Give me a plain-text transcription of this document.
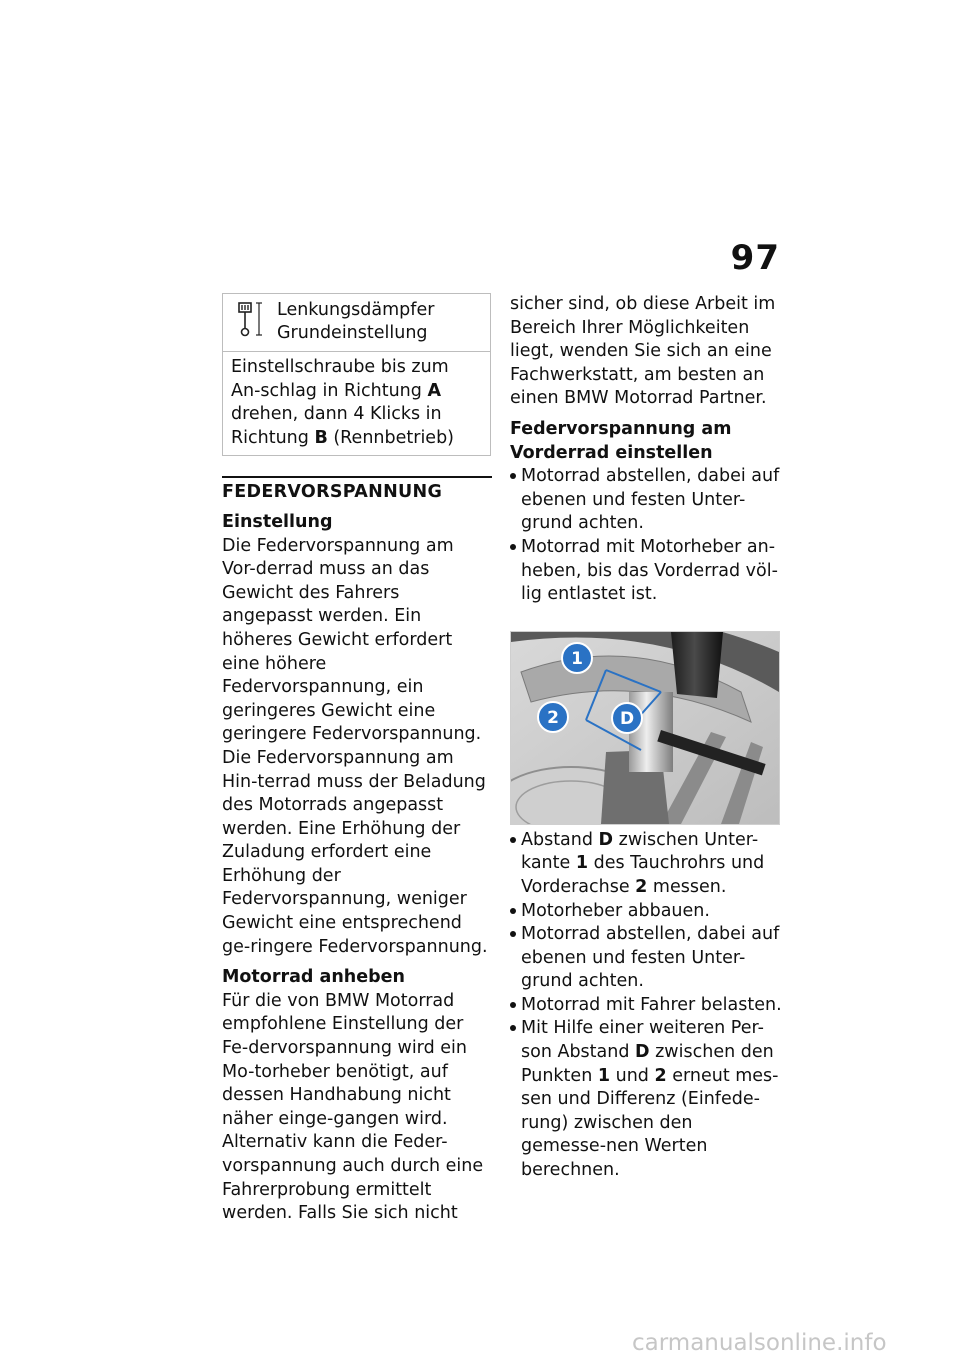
97
Lenkungsdämpfer
Grundeinstellung
Einstellschraube bis zum An-schlag in Richtung A drehen, dann 4 Klicks in Richtung B (Rennbetrieb)
FEDERVORSPANNUNG
Einstellung

Die Federvorspannung am Vor-derrad muss an das Gewicht des Fahrers angepasst werden. Ein höheres Gewicht erfordert eine höhere Federvorspannung, ein geringeres Gewicht eine geringere Federvorspannung.

Die Federvorspannung am Hin-terrad muss der Beladung des Motorrads angepasst werden. Eine Erhöhung der Zuladung erfordert eine Erhöhung der Federvorspannung, weniger Gewicht eine entsprechend ge-ringere Federvorspannung.

Motorrad anheben

Für die von BMW Motorrad empfohlene Einstellung der Fe-dervorspannung wird ein Mo-torheber benötigt, auf dessen Handhabung nicht näher einge-gangen wird.

Alternativ kann die Feder-vorspannung auch durch eine Fahrerprobung ermittelt werden. Falls Sie sich nicht

sicher sind, ob diese Arbeit im Bereich Ihrer Möglichkeiten liegt, wenden Sie sich an eine Fachwerkstatt, am besten an einen BMW Motorrad Partner.

Federvorspannung am
Vorderrad einstellen
Motorrad abstellen, dabei auf ebenen und festen Unter-grund achten.
Motorrad mit Motorheber an-heben, bis das Vorderrad völ-lig entlastet ist.
1
2	D
Abstand D zwischen Unter-kante 1 des Tauchrohrs und Vorderachse 2 messen.
Motorheber abbauen.
Motorrad abstellen, dabei auf ebenen und festen Unter-grund achten.
Motorrad mit Fahrer belasten.
Mit Hilfe einer weiteren Per-son Abstand D zwischen den Punkten 1 und 2 erneut mes-sen und Differenz (Einfede-rung) zwischen den gemesse-nen Werten berechnen.
carmanualsonline.info
